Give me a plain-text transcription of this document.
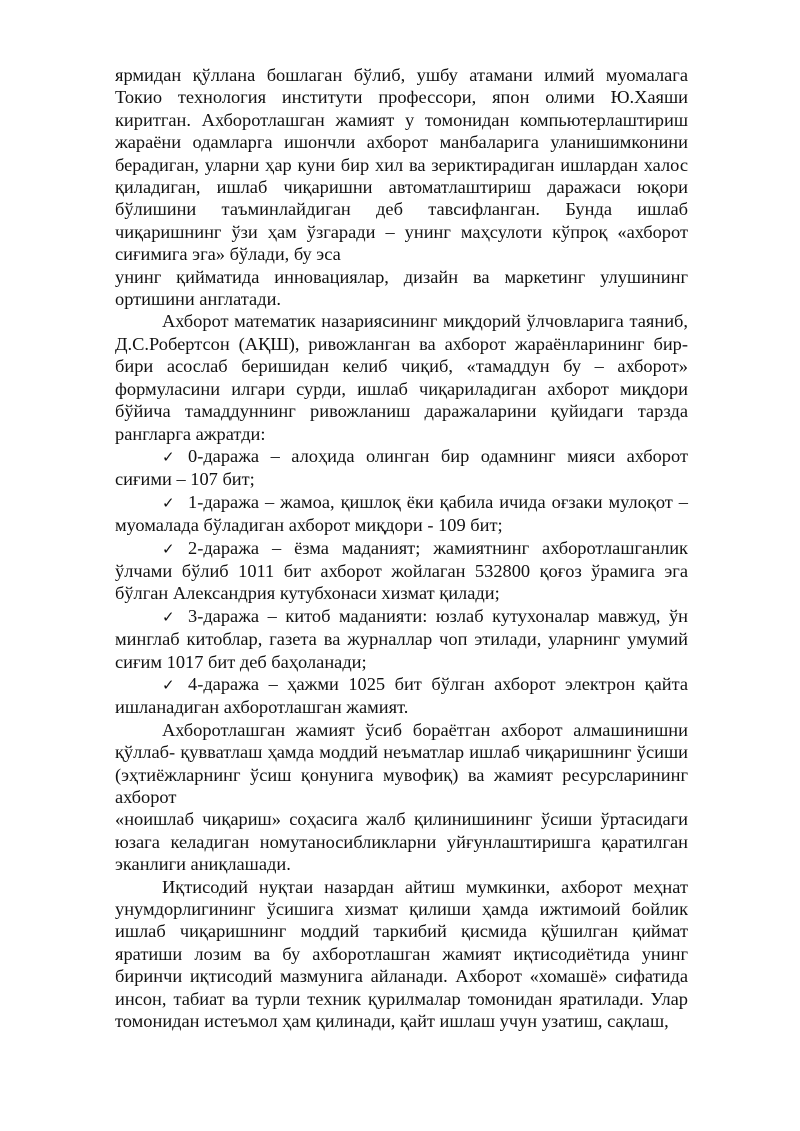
ярмидан қўллана бошлаган бўлиб, ушбу атамани илмий муомалага Токио технология институти профессори, япон олими Ю.Хаяши киритган. Ахборотлашган жамият у томонидан компьютерлаштириш жараёни одамларга ишончли ахборот манбаларига уланишимконини берадиган, уларни ҳар куни бир хил ва зериктирадиган ишлардан халос қиладиган, ишлаб чиқаришни автоматлаштириш даражаси юқори бўлишини таъминлайдиган деб тавсифланган. Бунда ишлаб чиқаришнинг ўзи ҳам ўзгаради – унинг маҳсулоти кўпроқ «ахборот сиғимига эга» бўлади, бу эса

унинг қийматида инновациялар, дизайн ва маркетинг улушининг ортишини англатади.

Ахборот математик назариясининг миқдорий ўлчовларига таяниб, Д.С.Робертсон (АҚШ), ривожланган ва ахборот жараёнларининг бир-бири асослаб беришидан келиб чиқиб, «тамаддун бу – ахборот» формуласини илгари сурди, ишлаб чиқариладиган ахборот миқдори бўйича тамаддуннинг ривожланиш даражаларини қуйидаги тарзда рангларга ажратди:

✓ 0-даража – алоҳида олинган бир одамнинг мияси ахборот сиғими – 107 бит;

✓ 1-даража – жамоа, қишлоқ ёки қабила ичида оғзаки мулоқот – муомалада бўладиган ахборот миқдори - 109 бит;

✓ 2-даража – ёзма маданият; жамиятнинг ахборотлашганлик ўлчами бўлиб 1011 бит ахборот жойлаган 532800 қоғоз ўрамига эга бўлган Александрия кутубхонаси хизмат қилади;

✓ 3-даража – китоб маданияти: юзлаб кутухоналар мавжуд, ўн минглаб китоблар, газета ва журналлар чоп этилади, уларнинг умумий сиғим 1017 бит деб баҳоланади;

✓ 4-даража – ҳажми 1025 бит бўлган ахборот электрон қайта ишланадиган ахборотлашган жамият.

Ахборотлашган жамият ўсиб бораётган ахборот алмашинишни қўллаб- қувватлаш ҳамда моддий неъматлар ишлаб чиқаришнинг ўсиши (эҳтиёжларнинг ўсиш қонунига мувофиқ) ва жамият ресурсларининг ахборот

«ноишлаб чиқариш» соҳасига жалб қилинишининг ўсиши ўртасидаги юзага келадиган номутаносибликларни уйғунлаштиришга қаратилган эканлиги аниқлашади.

Иқтисодий нуқтаи назардан айтиш мумкинки, ахборот меҳнат унумдорлигининг ўсишига хизмат қилиши ҳамда ижтимоий бойлик ишлаб чиқаришнинг моддий таркибий қисмида қўшилган қиймат яратиши лозим ва бу ахборотлашган жамият иқтисодиётида унинг биринчи иқтисодий мазмунига айланади. Ахборот «хомашё» сифатида инсон, табиат ва турли техник қурилмалар томонидан яратилади. Улар томонидан истеъмол ҳам қилинади, қайт ишлаш учун узатиш, сақлаш,
